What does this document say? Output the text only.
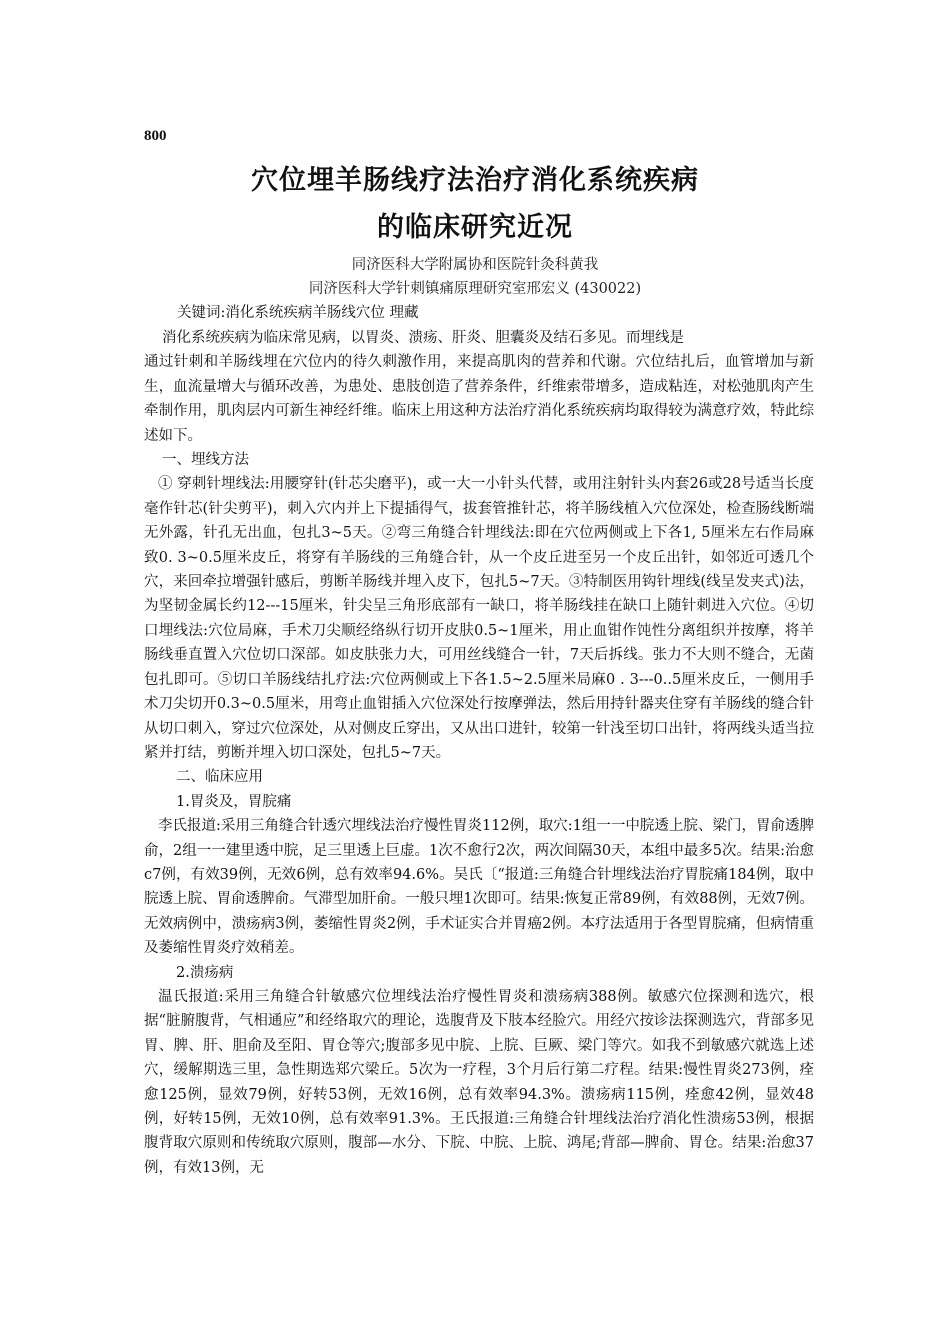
800
穴位埋羊肠线疗法治疗消化系统疾病
的临床研究近况
同济医科大学附属协和医院针灸科黄我
同济医科大学针刺镇痛原理研究室邢宏义 (430022)
关键词:消化系统疾病羊肠线穴位 理藏

消化系统疾病为临床常见病，以胃炎、溃疡、肝炎、胆囊炎及结石多见。而埋线是

通过针刺和羊肠线埋在穴位内的待久刺激作用，来提高肌肉的营养和代谢。穴位结扎后，血管增加与新生，血流量增大与循环改善，为患处、患肢创造了营养条件，纤维索带增多，造成粘连，对松弛肌肉产生牵制作用，肌肉层内可新生神经纤维。临床上用这种方法治疗消化系统疾病均取得较为满意疗效，特此综述如下。

一、埋线方法

① 穿刺针埋线法:用腰穿针(针芯尖磨平)，或一大一小针头代替，或用注射针头内套26或28号适当长度毫作针芯(针尖剪平)，刺入穴内并上下提插得气，拔套管推针芯，将羊肠线植入穴位深处，检查肠线断端无外露，针孔无出血，包扎3~5天。②弯三角缝合针埋线法:即在穴位两侧或上下各1, 5厘米左右作局麻致0. 3~0.5厘米皮丘，将穿有羊肠线的三角缝合针，从一个皮丘进至另一个皮丘出针，如邻近可透几个穴，来回牵拉增强针感后，剪断羊肠线并埋入皮下，包扎5~7天。③特制医用钩针埋线(线呈发夹式)法，为坚韧金属长约12---15厘米，针尖呈三角形底部有一缺口，将羊肠线挂在缺口上随针刺进入穴位。④切口埋线法:穴位局麻，手术刀尖顺经络纵行切开皮肤0.5~1厘米，用止血钳作饨性分离组织并按摩，将羊肠线垂直置入穴位切口深部。如皮肤张力大，可用丝线缝合一针，7天后拆线。张力不大则不缝合，无菌包扎即可。⑤切口羊肠线结扎疗法:穴位两侧或上下各1.5~2.5厘米局麻0 . 3---0..5厘米皮丘，一侧用手术刀尖切开0.3~0.5厘米，用弯止血钳插入穴位深处行按摩弹法，然后用持针器夹住穿有羊肠线的缝合针从切口刺入，穿过穴位深处，从对侧皮丘穿出，又从出口进针，较第一针浅至切口出针，将两线头适当拉紧并打结，剪断并埋入切口深处，包扎5~7天。

二、临床应用

1.胃炎及，胃脘痛

李氏报道:采用三角缝合针透穴埋线法治疗慢性胃炎112例，取穴:1组一一中脘透上脘、梁门，胃俞透脾俞，2组一一建里透中脘，足三里透上巨虚。1次不愈行2次，两次间隔30天，本组中最多5次。结果:治愈c7例，有效39例，无效6例，总有效率94.6%。吴氏〔“报道:三角缝合针埋线法治疗胃脘痛184例，取中脘透上脘、胃俞透脾俞。气滞型加肝俞。一般只埋1次即可。结果:恢复正常89例，有效88例，无效7例。无效病例中，溃疡病3例，萎缩性胃炎2例，手术证实合并胃癌2例。本疗法适用于各型胃脘痛，但病情重及萎缩性胃炎疗效稍差。

2.溃疡病

温氏报道:采用三角缝合针敏感穴位埋线法治疗慢性胃炎和溃疡病388例。敏感穴位探测和选穴，根据“脏腑腹背，气相通应”和经络取穴的理论，选腹背及下肢本经脸穴。用经穴按诊法探测选穴，背部多见胃、脾、肝、胆俞及至阳、胃仓等穴;腹部多见中脘、上脘、巨厥、梁门等穴。如我不到敏感穴就选上述穴，缓解期选三里，急性期选郑穴梁丘。5次为一疗程，3个月后行第二疗程。结果:慢性胃炎273例，痊愈125例，显效79例，好转53例，无效16例，总有效率94.3%。溃疡病115例，痊愈42例，显效48例，好转15例，无效10例，总有效率91.3%。王氏报道:三角缝合针埋线法治疗消化性溃疡53例，根据腹背取穴原则和传统取穴原则，腹部—水分、下脘、中脘、上脘、鸿尾;背部—脾俞、胃仓。结果:治愈37例，有效13例，无
